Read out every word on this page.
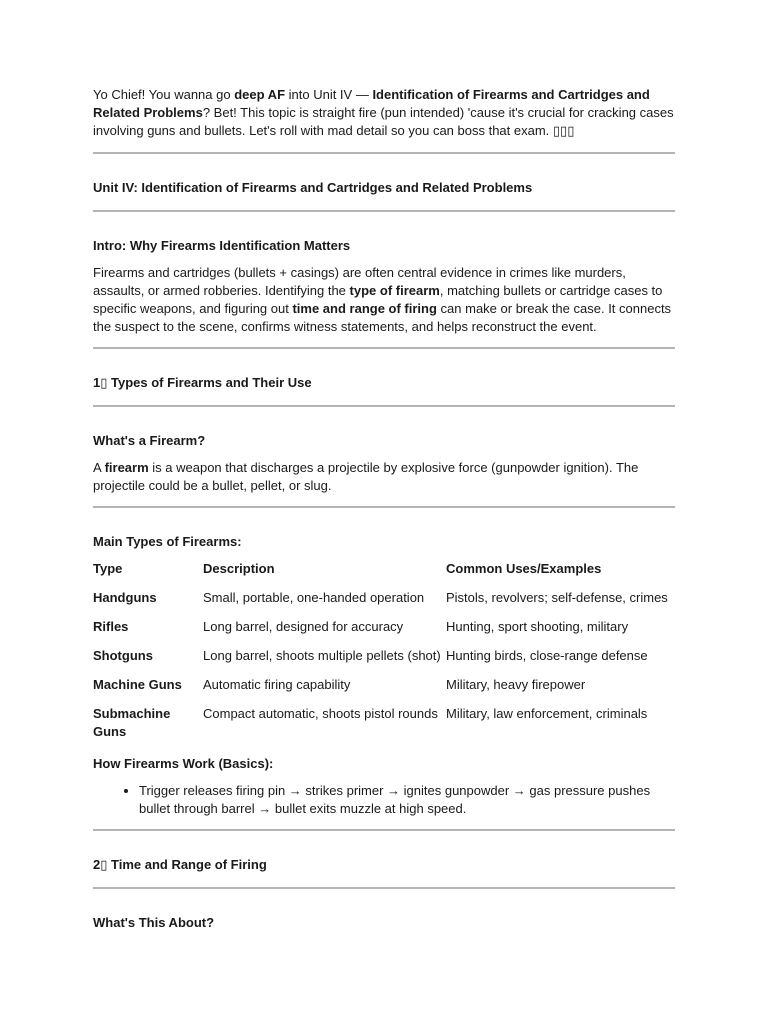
Yo Chief! You wanna go deep AF into Unit IV — Identification of Firearms and Cartridges and Related Problems? Bet! This topic is straight fire (pun intended) 'cause it's crucial for cracking cases involving guns and bullets. Let's roll with mad detail so you can boss that exam. ▯▯▯

Unit IV: Identification of Firearms and Cartridges and Related Problems

Intro: Why Firearms Identification Matters

Firearms and cartridges (bullets + casings) are often central evidence in crimes like murders, assaults, or armed robberies. Identifying the type of firearm, matching bullets or cartridge cases to specific weapons, and figuring out time and range of firing can make or break the case. It connects the suspect to the scene, confirms witness statements, and helps reconstruct the event.

1▯ Types of Firearms and Their Use

What's a Firearm?

A firearm is a weapon that discharges a projectile by explosive force (gunpowder ignition). The projectile could be a bullet, pellet, or slug.

Main Types of Firearms:

Type	Description	Common Uses/Examples
Handguns	Small, portable, one-handed operation	Pistols, revolvers; self-defense, crimes
Rifles	Long barrel, designed for accuracy	Hunting, sport shooting, military
Shotguns	Long barrel, shoots multiple pellets (shot)	Hunting birds, close-range defense
Machine Guns	Automatic firing capability	Military, heavy firepower
Submachine Guns	Compact automatic, shoots pistol rounds	Military, law enforcement, criminals

How Firearms Work (Basics):

• Trigger releases firing pin → strikes primer → ignites gunpowder → gas pressure pushes bullet through barrel → bullet exits muzzle at high speed.

2▯ Time and Range of Firing

What's This About?
